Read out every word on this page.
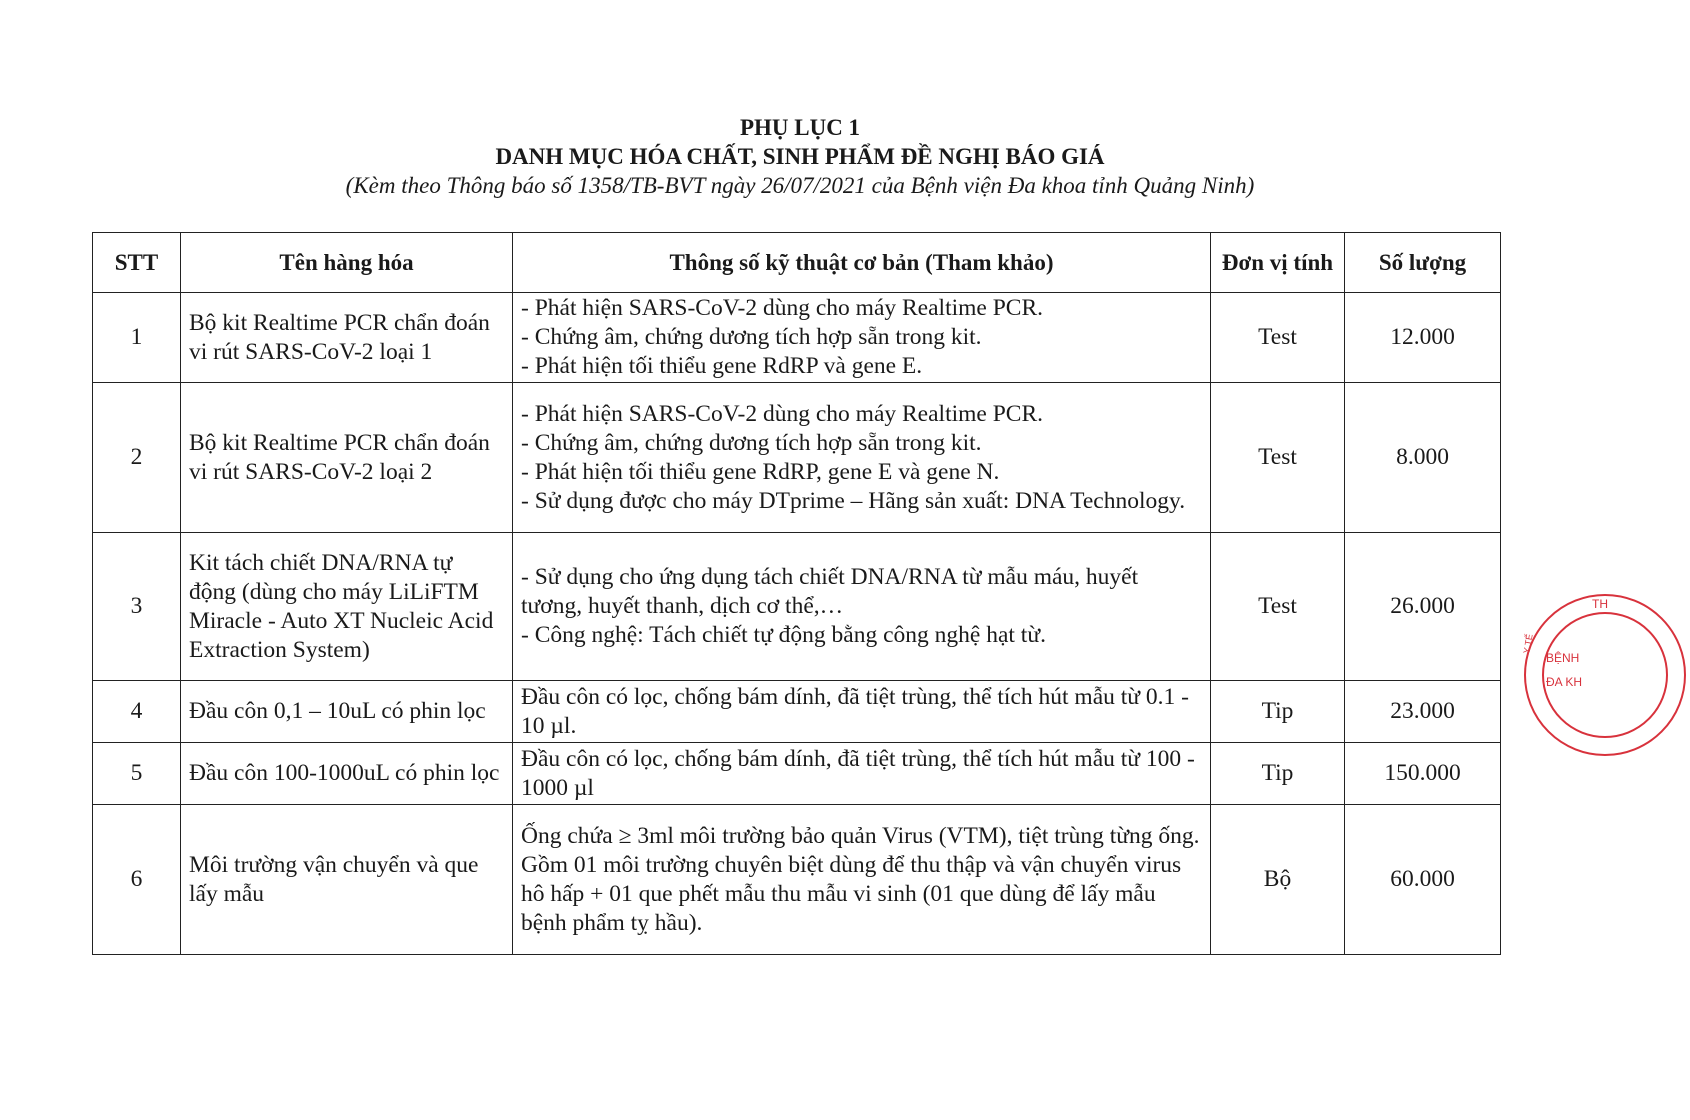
PHỤ LỤC 1
DANH MỤC HÓA CHẤT, SINH PHẨM ĐỀ NGHỊ BÁO GIÁ
(Kèm theo Thông báo số 1358/TB-BVT ngày 26/07/2021 của Bệnh viện Đa khoa tỉnh Quảng Ninh)
STT	Tên hàng hóa	Thông số kỹ thuật cơ bản (Tham khảo)	Đơn vị tính	Số lượng
1	Bộ kit Realtime PCR chẩn đoán vi rút SARS-CoV-2 loại 1	- Phát hiện SARS-CoV-2 dùng cho máy Realtime PCR.
- Chứng âm, chứng dương tích hợp sẵn trong kit.
- Phát hiện tối thiểu gene RdRP và gene E.	Test	12.000
2	Bộ kit Realtime PCR chẩn đoán vi rút SARS-CoV-2 loại 2	- Phát hiện SARS-CoV-2 dùng cho máy Realtime PCR.
- Chứng âm, chứng dương tích hợp sẵn trong kit.
- Phát hiện tối thiểu gene RdRP, gene E và gene N.
- Sử dụng được cho máy DTprime – Hãng sản xuất: DNA Technology.	Test	8.000
3	Kit tách chiết DNA/RNA tự động (dùng cho máy LiLiFTM Miracle - Auto XT Nucleic Acid Extraction System)	- Sử dụng cho ứng dụng tách chiết DNA/RNA từ mẫu máu, huyết tương, huyết thanh, dịch cơ thể,…
- Công nghệ: Tách chiết tự động bằng công nghệ hạt từ.	Test	26.000
4	Đầu côn 0,1 – 10uL có phin lọc	Đầu côn có lọc, chống bám dính, đã tiệt trùng, thể tích hút mẫu từ 0.1 - 10 µl.	Tip	23.000
5	Đầu côn 100-1000uL có phin lọc	Đầu côn có lọc, chống bám dính, đã tiệt trùng, thể tích hút mẫu từ 100 - 1000 µl	Tip	150.000
6	Môi trường vận chuyển và que lấy mẫu	Ống chứa ≥ 3ml môi trường bảo quản Virus (VTM), tiệt trùng từng ống.
Gồm 01 môi trường chuyên biệt dùng để thu thập và vận chuyển virus hô hấp + 01 que phết mẫu thu mẫu vi sinh (01 que dùng để lấy mẫu bệnh phẩm tỵ hầu).	Bộ	60.000
TH
BỆNH
ĐA KH
Y TẾ
